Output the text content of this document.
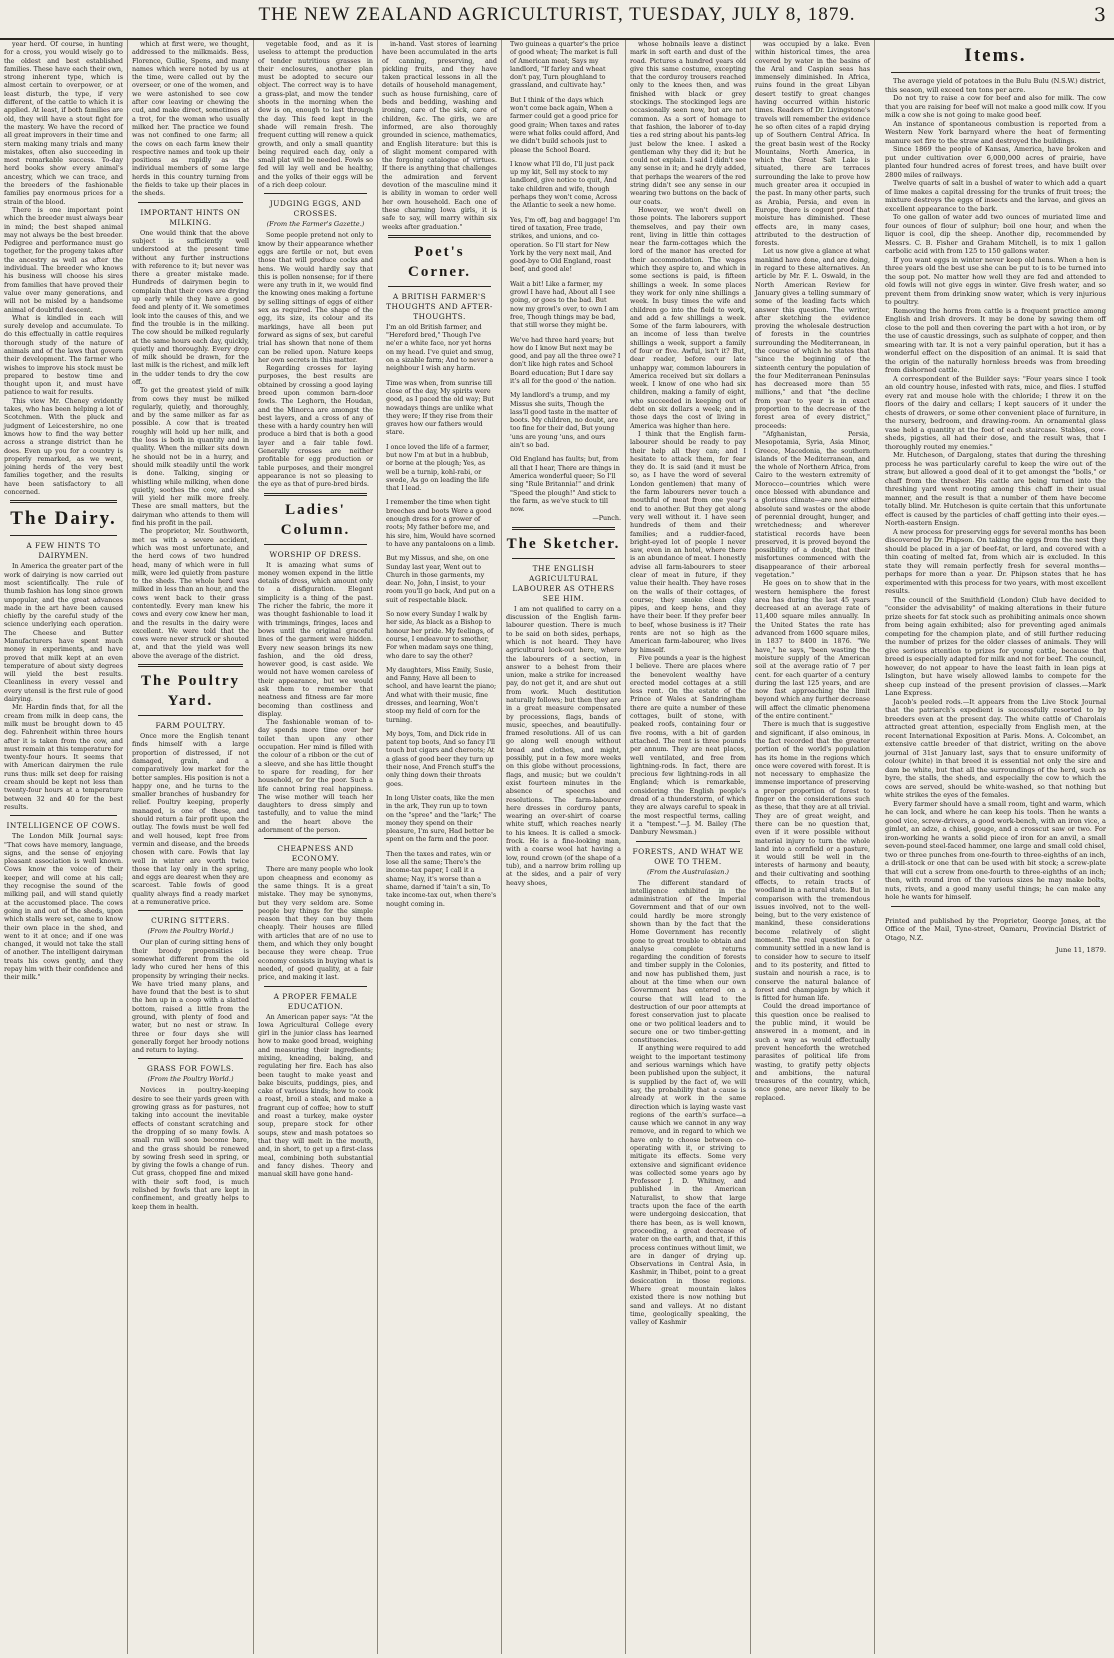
THE NEW ZEALAND AGRICULTURIST, TUESDAY, JULY 8, 1879.	3

year herd. Of course, in hunting for a cross, you would wisely go to the oldest and best established families. These have each their own, strong inherent type, which is almost certain to overpower, or at least disturb, the type, if very different, of the cattle to which it is applied. At least, if both families are old, they will have a stout fight for the mastery. We have the record of all great improvers in their time and stern making many trials and many mistakes, often also succeeding in most remarkable success. To-day herd books show every animal's ancestry, which we can trace, and the breeders of the fashionable families pay enormous prices for a strain of the blood.

There is one important point which the breeder must always bear in mind; the best shaped animal may not always be the best breeder. Pedigree and performance must go together, for the progeny takes after the ancestry as well as after the individual. The breeder who knows his business will choose his sires from families that have proved their value over many generations, and will not be misled by a handsome animal of doubtful descent.

What is kindled in each will surely develop and accumulate. To do this effectually in cattle requires thorough study of the nature of animals and of the laws that govern their development. The farmer who wishes to improve his stock must be prepared to bestow time and thought upon it, and must have patience to wait for results.

This view Mr. Cheney evidently takes, who has been helping a lot of Scotchmen. With the pluck and judgment of Leicestershire, no one knows how to find the way better across a strange district than he does. Even up you for a country is properly remarked, as we went, joining herds of the very best families together, and the results have been satisfactory to all concerned.

The Dairy.
A FEW HINTS TO DAIRYMEN.

In America the greater part of the work of dairying is now carried out most scientifically. The rule of thumb fashion has long since grown unpopular, and the great advances made in the art have been caused chiefly by the careful study of the science underlying each operation. The Cheese and Butter Manufacturers have spent much money in experiments, and have proved that milk kept at an even temperature of about sixty degrees will yield the best results. Cleanliness in every vessel and every utensil is the first rule of good dairying.

Mr. Hardin finds that, for all the cream from milk in deep cans, the milk must be brought down to 45 deg. Fahrenheit within three hours after it is taken from the cow, and must remain at this temperature for twenty-four hours. It seems that with American dairymen the rule runs thus: milk set deep for raising cream should be kept not less than twenty-four hours at a temperature between 32 and 40 for the best results.

INTELLIGENCE OF COWS.

The London Milk Journal says: "That cows have memory, language, signs, and the sense of enjoying pleasant association is well known. Cows know the voice of their keeper, and will come at his call; they recognise the sound of the milking pail, and will stand quietly at the accustomed place. The cows going in and out of the sheds, upon which stalls were set, came to know their own place in the shed, and went to it at once; and if one was changed, it would not take the stall of another. The intelligent dairyman treats his cows gently, and they repay him with their confidence and their milk."

which at first were, we thought, addressed to the milkmaids. Bess, Florence, Gullie, Spens, and many names which were noted by us at the time, were called out by the overseer, or one of the women, and we were astonished to see cow after cow leaving or chewing the cud, and make direct, sometimes at a trot, for the woman who usually milked her. The practice we found was not confined to one farm; all the cows on each farm knew their respective names and took up their positions as rapidly as the individual members of some large herds in this country turning from the fields to take up their places in the sheds.

IMPORTANT HINTS ON MILKING.

One would think that the above subject is sufficiently well understood at the present time without any further instructions with reference to it; but never was there a greater mistake made. Hundreds of dairymen begin to complain that their cows are drying up early while they have a good feed and plenty of it. We sometimes look into the causes of this, and we find the trouble is in the milking. The cow should be milked regularly at the same hours each day, quickly, quietly and thoroughly. Every drop of milk should be drawn, for the last milk is the richest, and milk left in the udder tends to dry the cow off.

To get the greatest yield of milk from cows they must be milked regularly, quietly, and thoroughly, and by the same milker as far as possible. A cow that is treated roughly will hold up her milk, and the loss is both in quantity and in quality. When the milker sits down he should not be in a hurry, and should milk steadily until the work is done. Talking, singing or whistling while milking, when done quietly, soothes the cow, and she will yield her milk more freely. These are small matters, but the dairyman who attends to them will find his profit in the pail.

The proprietor, Mr. Southworth, met us with a severe accident, which was most unfortunate, and the herd cows of two hundred head, many of which were in full milk, were led quietly from pasture to the sheds. The whole herd was milked in less than an hour, and the cows went back to their grass contentedly. Every man knew his cows and every cow knew her man, and the results in the dairy were excellent. We were told that the cows were never struck or shouted at, and that the yield was well above the average of the district.

The Poultry Yard.
FARM POULTRY.

Once more the English tenant finds himself with a large proportion of distressed, if not damaged, grain, and a comparatively low market for the better samples. His position is not a happy one, and he turns to the smaller branches of husbandry for relief. Poultry keeping, properly managed, is one of these, and should return a fair profit upon the outlay. The fowls must be well fed and well housed, kept free from vermin and disease, and the breeds chosen with care. Fowls that lay well in winter are worth twice those that lay only in the spring, and eggs are dearest when they are scarcest. Table fowls of good quality always find a ready market at a remunerative price.

CURING SITTERS.
(From the Poultry World.)

Our plan of curing sitting hens of their broody propensities is somewhat different from the old lady who cured her hens of this propensity by wringing their necks. We have tried many plans, and have found that the best is to shut the hen up in a coop with a slatted bottom, raised a little from the ground, with plenty of food and water, but no nest or straw. In three or four days she will generally forget her broody notions and return to laying.

GRASS FOR FOWLS.
(From the Poultry World.)

Novices in poultry-keeping desire to see their yards green with growing grass as for pastures, not taking into account the inevitable effects of constant scratching and the dropping of so many fowls. A small run will soon become bare, and the grass should be renewed by sowing fresh seed in spring, or by giving the fowls a change of run. Cut grass, chopped fine and mixed with their soft food, is much relished by fowls that are kept in confinement, and greatly helps to keep them in health.

vegetable food, and as it is useless to attempt the production of tender nutritious grasses in their enclosures, another plan must be adopted to secure our object. The correct way is to have a grass-plat, and mow the tender shoots in the morning when the dew is on, enough to last through the day. This feed kept in the shade will remain fresh. The frequent cutting will renew a quick growth, and only a small quantity being required each day, only a small plat will be needed. Fowls so fed will lay well and be healthy, and the yolks of their eggs will be of a rich deep colour.

JUDGING EGGS, AND CROSSES.
(From the Farmer's Gazette.)

Some people pretend not only to know by their appearance whether eggs are fertile or not, but even those that will produce cocks and hens. We would hardly say that this is pollen nonsense; for if there were any truth in it, we would find the knowing ones making a fortune by selling sittings of eggs of either sex as required. The shape of the egg, its size, its colour and its markings, have all been put forward as signs of sex, but careful trial has shown that none of them can be relied upon. Nature keeps her own secrets in this matter.

Regarding crosses for laying purposes, the best results are obtained by crossing a good laying breed upon common barn-door fowls. The Leghorn, the Houdan, and the Minorca are amongst the best layers, and a cross of any of these with a hardy country hen will produce a bird that is both a good layer and a fair table fowl. Generally crosses are neither profitable for egg production or table purposes, and their mongrel appearance is not so pleasing to the eye as that of pure-bred birds.

Ladies' Column.
WORSHIP OF DRESS.

It is amazing what sums of money women expend in the little details of dress, which amount only to a disfiguration. Elegant simplicity is a thing of the past. The richer the fabric, the more it was thought fashionable to load it with trimmings, fringes, laces and bows until the original graceful lines of the garment were hidden. Every new season brings its new fashion, and the old dress, however good, is cast aside. We would not have women careless of their appearance, but we would ask them to remember that neatness and fitness are far more becoming than costliness and display.

The fashionable woman of to-day spends more time over her toilet than upon any other occupation. Her mind is filled with the colour of a ribbon or the cut of a sleeve, and she has little thought to spare for reading, for her household, or for the poor. Such a life cannot bring real happiness. The wise mother will teach her daughters to dress simply and tastefully, and to value the mind and the heart above the adornment of the person.

CHEAPNESS AND ECONOMY.

There are many people who look upon cheapness and economy as the same things. It is a great mistake. They may be synonyms, but they very seldom are. Some people buy things for the simple reason that they can buy them cheaply. Their houses are filled with articles that are of no use to them, and which they only bought because they were cheap. True economy consists in buying what is needed, of good quality, at a fair price, and making it last.

A PROPER FEMALE EDUCATION.

An American paper says: "At the Iowa Agricultural College every girl in the junior class has learned how to make good bread, weighing and measuring their ingredients; mixing, kneading, baking, and regulating her fire. Each has also been taught to make yeast and bake biscuits, puddings, pies, and cake of various kinds; how to cook a roast, broil a steak, and make a fragrant cup of coffee; how to stuff and roast a turkey, make oyster soup, prepare stock for other soups, stew and mash potatoes so that they will melt in the mouth, and, in short, to get up a first-class meal, combining both substantial and fancy dishes. Theory and manual skill have gone hand-

in-hand. Vast stores of learning have been accumulated in the arts of canning, preserving, and pickling fruits, and they have taken practical lessons in all the details of household management, such as house furnishing, care of beds and bedding, washing and ironing, care of the sick, care of children, &c. The girls, we are informed, are also thoroughly grounded in science, mathematics, and English literature: but this is of slight moment compared with the forgoing catalogue of virtues. If there is anything that challenges the admiration and fervent devotion of the masculine mind it is ability in woman to order well her own household. Each one of these charming Iowa girls, it is safe to say, will marry within six weeks after graduation."

Poet's Corner.
A BRITISH FARMER'S THOUGHTS AND AFTER-THOUGHTS.

I'm an old British farmer, and "Hereford bred," Though I've ne'er a white face, nor yet horns on my head. I've quiet and smug, on a sizable farm; And to never a neighbour I wish any harm.

Time was when, from sunrise till close of the day, My spirits were good, as I paced the old way; But nowadays things are unlike what they were; If they rise from their graves how our fathers would stare.

I once loved the life of a farmer, but now I'm at but in a hubbub, or borne at the plough; Yes, as well be a turnip, kohl-rabi, or swede, As go on leading the life that I lead.

I remember the time when tight breeches and boots Were a good enough dress for a grower of roots; My father before me, and his sire, him, Would have scorned to have any pantaloons on a limb.

But my Missus, and she, on one Sunday last year, Went out to Church in those garments, my dear. No, John, I insist, to your room you'll go back, And put on a suit of respectable black.

So now every Sunday I walk by her side, As black as a Bishop to honour her pride. My feelings, of course, I endeavour to smother, For when madam says one thing, who dare to say the other?

My daughters, Miss Emily, Susie, and Fanny, Have all been to school, and have learnt the piano; And what with their music, fine dresses, and learning, Won't stoop my field of corn for the turning.

My boys, Tom, and Dick ride in patent top boots, And so fancy I'll touch but cigars and cheroots; At a glass of good beer they turn up their nose, And French stuff's the only thing down their throats goes.

In long Ulster coats, like the men in the ark, They run up to town on the "spree" and the "lark;" The money they spend on their pleasure, I'm sure, Had better be spent on the farm and the poor.

Then the taxes and rates, win or lose all the same; There's the income-tax paper, I call it a shame; Nay, it's worse than a shame, darned if 'tain't a sin, To take income-tax out, when there's nought coming in.

Two guineas a quarter's the price of good wheat; The market is full of American meat; Says my landlord, "If farley and wheat don't pay, Turn ploughland to grassland, and cultivate hay."

But I think of the days which won't come back again, When a farmer could get a good price for good grain; When taxes and rates were what folks could afford, And we didn't build schools just to please the School Board.

I know what I'll do, I'll just pack up my kit, Sell my stock to my landlord, give notice to quit, And take children and wife, though perhaps they won't come, Across the Atlantic to seek a new home.

Yes, I'm off, bag and baggage! I'm tired of taxation, Free trade, strikes, and unions, and co-operation. So I'll start for New York by the very next mail, And good-bye to Old England, roast beef, and good ale!

Wait a bit! Like a farmer, my growl I have had, About all I see going, or goes to the bad. But now my growl's over, to own I am free, Though things may be bad, that still worse they might be.

We've had three hard years; but how do I know But next may be good, and pay all the three owe? I don't like high rates and School Board education; But I dare say it's all for the good o' the nation.

My landlord's a trump, and my Missus she suits, Though the lass'll good taste in the matter of boots. My children, no doubt, are too fine for their dad, But young 'uns are young 'uns, and ours ain't so bad.

Old England has faults; but, from all that I hear, There are things in America wonderful queer; So I'll sing "Rule Britannia!" and drink "Speed the plough!" And stick to the farm, as we've stuck to till now.

—Punch.
The Sketcher.
THE ENGLISH AGRICULTURAL LABOURER AS OTHERS SEE HIM.

I am not qualified to carry on a discussion of the English farm-labourer question. There is much to be said on both sides, perhaps, which is not heard. They have agricultural lock-out here, where the labourers of a section, in answer to a behest from their union, make a strike for increased pay, do not get it, and are shut out from work. Much destitution naturally follows; but then they are in a great measure compensated by processions, flags, bands of music, speeches, and beautifully-framed resolutions. All of us can go along well enough without bread and clothes, and might, possibly, put in a few more weeks on this globe without processions, flags, and music; but we couldn't exist fourteen minutes in the absence of speeches and resolutions. The farm-labourer here dresses in corduroy pants, wearing an over-shirt of coarse white stuff, which reaches nearly to his knees. It is called a smock-frock. He is a fine-looking man, with a coarse wool hat having a low, round crown (of the shape of a tub), and a narrow brim rolling up at the sides, and a pair of very heavy shoes,

whose hobnails leave a distinct mark in soft earth and dust of the road. Pictures a hundred years old give this same costume, excepting that the corduroy trousers reached only to the knees then, and was finished with black or grey stockings. The stockinged legs are occasionally seen now, but are not common. As a sort of homage to that fashion, the laborer of to-day ties a red string about his pants-leg just below the knee. I asked a gentleman why they did it; but he could not explain. I said I didn't see any sense in it; and he dryly added, that perhaps the wearers of the red string didn't see any sense in our wearing two buttons on the back of our coats.

However, we won't dwell on those points. The laborers support themselves, and pay their own rent, living in little thin cottages near the farm-cottages which the lord of the manor has erected for their accommodation. The wages which they aspire to, and which in some sections is paid, is fifteen shillings a week. In some places they work for only nine shillings a week. In busy times the wife and children go into the field to work, and add a few shillings a week. Some of the farm labourers, with an income of less than twelve shillings a week, support a family of four or five. Awful, isn't it? But, dear reader, before our late unhappy war, common labourers in America received but six dollars a week. I know of one who had six children, making a family of eight, who succeeded in keeping out of debt on six dollars a week; and in those days the cost of living in America was higher than here.

I think that the English farm-labourer should be ready to pay their help all they can; and I hesitate to attack them, for fear they do. It is said (and it must be so, as I have the word of several London gentlemen) that many of the farm labourers never touch a mouthful of meat from one year's end to another. But they get along very well without it. I have seen hundreds of them and their families; and a ruddier-faced, bright-eyed lot of people I never saw, even in an hotel, where there is an abundance of meat. I honestly advise all farm-labourers to steer clear of meat in future, if they value their health. They have roses on the walls of their cottages, of course; they smoke clean clay pipes, and keep hens, and they have their beer. If they prefer beer to beef, whose business is it? Their rents are not so high as the American farm-labourer, who lives by himself.

Five pounds a year is the highest I believe. There are places where the benevolent wealthy have erected model cottages at a still less rent. On the estate of the Prince of Wales at Sandringham there are quite a number of these cottages, built of stone, with peaked roofs, containing four or five rooms, with a bit of garden attached. The rent is three pounds per annum. They are neat places, well ventilated, and free from lightning-rods. In fact, there are precious few lightning-rods in all England; which is remarkable, considering the English people's dread of a thunderstorm, of which they are always careful to speak in the most respectful terms, calling it a "tempest."—J. M. Bailey (The Danbury Newsman.)

FORESTS, AND WHAT WE OWE TO THEM.
(From the Australasian.)

The different standard of intelligence exhibited in the administration of the Imperial Government and that of our own could hardly be more strongly shown than by the fact that the Home Government has recently gone to great trouble to obtain and analyse complete returns regarding the condition of forests and timber supply in the Colonies, and now has published them, just about at the time when our own Government has entered on a course that will lead to the destruction of our poor attempts at forest conservation just to placate one or two political leaders and to secure one or two timber-getting constituencies.

If anything were required to add weight to the important testimony and serious warnings which have been published upon the subject, it is supplied by the fact of, we will say, the probability that a cause is already at work in the same direction which is laying waste vast regions of the earth's surface—a cause which we cannot in any way remove, and in regard to which we have only to choose between co-operating with it, or striving to mitigate its effects. Some very extensive and significant evidence was collected some years ago by Professor J. D. Whitney, and published in the American Naturalist, to show that large tracts upon the face of the earth were undergoing desiccation, that there has been, as is well known, proceeding, a great decrease of water on the earth, and that, if this process continues without limit, we are in danger of drying up. Observations in Central Asia, in Kashmir, in Thibet, point to a great desiccation in those regions. Where great mountain lakes existed there is now nothing but sand and valleys. At no distant time, geologically speaking, the valley of Kashmir

was occupied by a lake. Even within historical times, the area covered by water in the basins of the Aral and Caspian seas has immensely diminished. In Africa, ruins found in the great Libyan desert testify to great changes having occurred within historic times. Readers of Dr. Livingstone's travels will remember the evidence he so often cites of a rapid drying up of Southern Central Africa. In the great basin west of the Rocky Mountains, North America, in which the Great Salt Lake is situated, there are terraces surrounding the lake to prove how much greater area it occupied in the past. In many other parts, such as Arabia, Persia, and even in Europe, there is cogent proof that moisture has diminished. These effects are, in many cases, attributed to the destruction of forests.

Let us now give a glance at what mankind have done, and are doing, in regard to these alternatives. An article by Mr. F. L. Oswald, in the North American Review for January gives a telling summary of some of the leading facts which answer this question. The writer, after sketching the evidence proving the wholesale destruction of forests in the countries surrounding the Mediterranean, in the course of which he states that "since the beginning of the sixteenth century the population of the four Mediterranean Peninsulas has decreased more than 55 millions," and that "the decline from year to year is in exact proportion to the decrease of the forest area of every district," proceeds:

"Afghanistan, Persia, Mesopotamia, Syria, Asia Minor, Greece, Macedonia, the southern islands of the Mediterranean, and the whole of Northern Africa, from Cairo to the western extremity of Morocco—countries which were once blessed with abundance and a glorious climate—are now either absolute sand wastes or the abode of perennial drought, hunger, and wretchedness; and wherever statistical records have been preserved, it is proved beyond the possibility of a doubt, that their misfortunes commenced with the disappearance of their arboreal vegetation."

He goes on to show that in the western hemisphere the forest area has during the last 45 years decreased at an average rate of 11,400 square miles annually. In the United States the rate has advanced from 1600 square miles, in 1837 to 8400 in 1876. "We have," he says, "been wasting the moisture supply of the American soil at the average ratio of 7 per cent. for each quarter of a century during the last 125 years, and are now fast approaching the limit beyond which any further decrease will affect the climatic phenomena of the entire continent."

There is much that is suggestive and significant, if also ominous, in the fact recorded that the greater portion of the world's population has its home in the regions which once were covered with forest. It is not necessary to emphasize the immense importance of preserving a proper proportion of forest to finger on the considerations such as these, that they are at all trivial. They are of great weight, and there can be no question that, even if it were possible without material injury to turn the whole land into a cornfield or a pasture, it would still be well in the interests of harmony and beauty, and their cultivating and soothing effects, to retain tracts of woodland in a natural state. But in comparison with the tremendous issues involved, not to the well-being, but to the very existence of mankind, these considerations become relatively of slight moment. The real question for a community settled in a new land is to consider how to secure to itself and to its posterity, and fitted to sustain and nourish a race, is to conserve the natural balance of forest and champaign by which it is fitted for human life.

Could the dread importance of this question once be realised to the public mind, it would be answered in a moment, and in such a way as would effectually prevent henceforth the wretched parasites of political life from wasting, to gratify petty objects and ambitions, the natural treasures of the country, which, once gone, are never likely to be replaced.

Items.

The average yield of potatoes in the Bulu Bulu (N.S.W.) district, this season, will exceed ten tons per acre.

Do not try to raise a cow for beef and also for milk. The cow that you are raising for beef will not make a good milk cow. If you milk a cow she is not going to make good beef.

An instance of spontaneous combustion is reported from a Western New York barnyard where the heat of fermenting manure set fire to the straw and destroyed the buildings.

Since 1869 the people of Kansas, America, have broken and put under cultivation over 6,000,000 acres of prairie, have planted four hundred acres of forest trees, and have built over 2800 miles of railways.

Twelve quarts of salt in a bushel of water to which add a quart of lime makes a capital dressing for the trunks of fruit trees; the mixture destroys the eggs of insects and the larvae, and gives an excellent appearance to the bark.

To one gallon of water add two ounces of muriated lime and four ounces of flour of sulphur; boil one hour, and when the liquor is cool, dip the sheep. Another dip, recommended by Messrs. C. B. Fisher and Graham Mitchell, is to mix 1 gallon carbolic acid with from 125 to 150 gallons water.

If you want eggs in winter never keep old hens. When a hen is three years old the best use she can be put to is to be turned into the soup pot. No matter how well they are fed and attended to old fowls will not give eggs in winter. Give fresh water, and so prevent them from drinking snow water, which is very injurious to poultry.

Removing the horns from cattle is a frequent practice among English and Irish drovers. It may be done by sawing them off close to the poll and then covering the part with a hot iron, or by the use of caustic dressings, such as sulphate of copper, and then smearing with tar. It is not a very painful operation, but it has a wonderful effect on the disposition of an animal. It is said that the origin of the naturally hornless breeds was from breeding from dishorned cattle.

A correspondent of the Builder says: "Four years since I took an old country house, infested with rats, mice, and flies. I stuffed every rat and mouse hole with the chloride; I threw it on the floors of the dairy and cellars; I kept saucers of it under the chests of drawers, or some other convenient place of furniture, in the nursery, bedroom, and drawing-room. An ornamental glass vase held a quantity at the foot of each staircase. Stables, cow-sheds, pigsties, all had their dose, and the result was, that I thoroughly routed my enemies."

Mr. Hutcheson, of Dargalong, states that during the threshing process he was particularly careful to keep the wire out of the straw, but allowed a good deal of it to get amongst the "bolls," or chaff from the thresher. His cattle are being turned into the threshing yard went rooting among this chaff in their usual manner, and the result is that a number of them have become totally blind. Mr. Hutcheson is quite certain that this unfortunate effect is caused by the particles of chaff getting into their eyes.—North-eastern Ensign.

A new process for preserving eggs for several months has been discovered by Dr. Phipson. On taking the eggs from the nest they should be placed in a jar of beef-fat, or lard, and covered with a thin coating of melted fat, from which air is excluded. In this state they will remain perfectly fresh for several months—perhaps for more than a year. Dr. Phipson states that he has experimented with this process for two years, with most excellent results.

The council of the Smithfield (London) Club have decided to "consider the advisability" of making alterations in their future prize sheets for fat stock such as prohibiting animals once shown from being again exhibited; also for preventing aged animals competing for the champion plate, and of still further reducing the number of prizes for the older classes of animals. They will give serious attention to prizes for young cattle, because that breed is especially adapted for milk and not for beef. The council, however, do not appear to have the least faith in lean pigs at Islington, but have wisely allowed lambs to compete for the sheep cup instead of the present provision of classes.—Mark Lane Express.

Jacob's peeled rods.—It appears from the Live Stock Journal that the patriarch's expedient is successfully resorted to by breeders even at the present day. The white cattle of Charolais attracted great attention, especially from English men, at the recent International Exposition at Paris. Mons. A. Colcombet, an extensive cattle breeder of that district, writing on the above journal of 31st January last, says that to ensure uniformity of colour (white) in that breed it is essential not only the sire and dam be white, but that all the surroundings of the herd, such as byre, the stalls, the sheds, and especially the cow to which the cows are served, should be white-washed, so that nothing but white strikes the eyes of the females.

Every farmer should have a small room, tight and warm, which he can lock, and where he can keep his tools. Then he wants a good vice, screw-drivers, a good work-bench, with an iron vice, a gimlet, an adze, a chisel, gouge, and a crosscut saw or two. For iron-working he wants a solid piece of iron for an anvil, a small seven-pound steel-faced hammer, one large and small cold chisel, two or three punches from one-fourth to three-eighths of an inch, a drill-stock or one that can be used with bit stock; a screw-plate that will cut a screw from one-fourth to three-eighths of an inch; then, with round iron of the various sizes he may make bolts, nuts, rivets, and a good many useful things; he can make any hole he wants for himself.

Printed and published by the Proprietor, George Jones, at the Office of the Mail, Tyne-street, Oamaru, Provincial District of Otago, N.Z.
June 11, 1879.
